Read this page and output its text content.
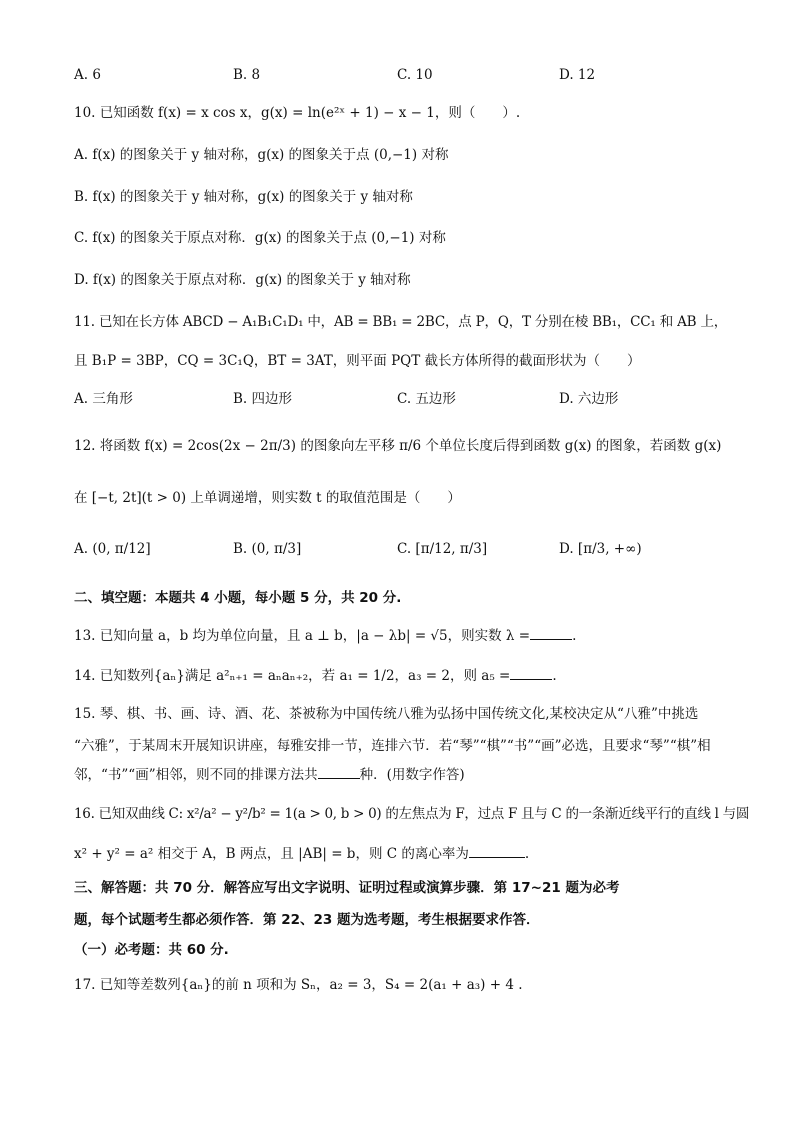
A. 6	B. 8	C. 10	D. 12
10. 已知函数 f(x) = x cos x，g(x) = ln(e²ˣ + 1) − x − 1，则（　　）.
A. f(x) 的图象关于 y 轴对称，g(x) 的图象关于点 (0,−1) 对称
B. f(x) 的图象关于 y 轴对称，g(x) 的图象关于 y 轴对称
C. f(x) 的图象关于原点对称．g(x) 的图象关于点 (0,−1) 对称
D. f(x) 的图象关于原点对称．g(x) 的图象关于 y 轴对称
11. 已知在长方体 ABCD − A₁B₁C₁D₁ 中，AB = BB₁ = 2BC，点 P，Q，T 分别在棱 BB₁，CC₁ 和 AB 上，
且 B₁P = 3BP，CQ = 3C₁Q，BT = 3AT，则平面 PQT 截长方体所得的截面形状为（　　）
A. 三角形	B. 四边形	C. 五边形	D. 六边形
12. 将函数 f(x) = 2cos(2x − 2π/3) 的图象向左平移 π/6 个单位长度后得到函数 g(x) 的图象，若函数 g(x)
在 [−t, 2t](t > 0) 上单调递增，则实数 t 的取值范围是（　　）
A. (0, π/12]	B. (0, π/3]	C. [π/12, π/3]	D. [π/3, +∞)
二、填空题：本题共 4 小题，每小题 5 分，共 20 分.
13. 已知向量 a，b 均为单位向量，且 a ⊥ b，|a − λb| = √5，则实数 λ =	.
14. 已知数列{aₙ}满足 a²ₙ₊₁ = aₙaₙ₊₂，若 a₁ = 1/2，a₃ = 2，则 a₅ =	.
15. 琴、棋、书、画、诗、酒、花、茶被称为中国传统八雅为弘扬中国传统文化,某校决定从“八雅”中挑选
“六雅”，于某周末开展知识讲座，每雅安排一节，连排六节．若“琴”“棋”“书”“画”必选，且要求“琴”“棋”相
邻，“书”“画”相邻，则不同的排课方法共	种．(用数字作答)
16. 已知双曲线 C: x²/a² − y²/b² = 1(a > 0, b > 0) 的左焦点为 F，过点 F 且与 C 的一条渐近线平行的直线 l 与圆
x² + y² = a² 相交于 A，B 两点，且 |AB| = b，则 C 的离心率为	.
三、解答题：共 70 分．解答应写出文字说明、证明过程或演算步骤．第 17~21 题为必考
题，每个试题考生都必须作答．第 22、23 题为选考题，考生根据要求作答．
（一）必考题：共 60 分.
17. 已知等差数列{aₙ}的前 n 项和为 Sₙ，a₂ = 3，S₄ = 2(a₁ + a₃) + 4 .
